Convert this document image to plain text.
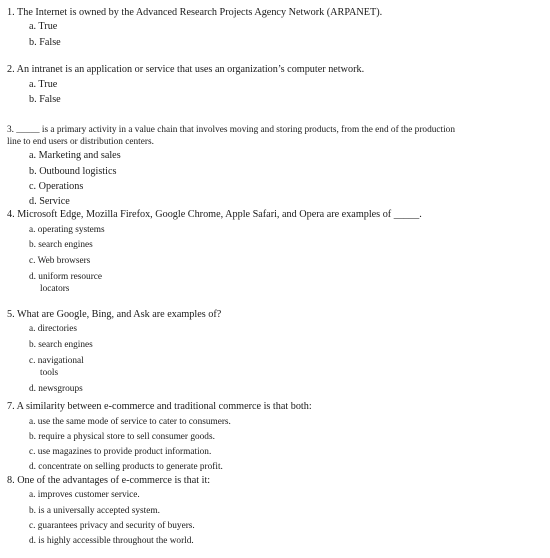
1. The Internet is owned by the Advanced Research Projects Agency Network (ARPANET).
a. True
b. False
2. An intranet is an application or service that uses an organization’s computer network.
a. True
b. False
3. _____ is a primary activity in a value chain that involves moving and storing products, from the end of the production
line to end users or distribution centers.
a. Marketing and sales
b. Outbound logistics
c. Operations
d. Service
4. Microsoft Edge, Mozilla Firefox, Google Chrome, Apple Safari, and Opera are examples of _____.
a. operating systems
b. search engines
c. Web browsers
d. uniform resource
locators
5. What are Google, Bing, and Ask are examples of?
a. directories
b. search engines
c. navigational
tools
d. newsgroups
7. A similarity between e-commerce and traditional commerce is that both:
a. use the same mode of service to cater to consumers.
b. require a physical store to sell consumer goods.
c. use magazines to provide product information.
d. concentrate on selling products to generate profit.
8. One of the advantages of e-commerce is that it:
a. improves customer service.
b. is a universally accepted system.
c. guarantees privacy and security of buyers.
d. is highly accessible throughout the world.
